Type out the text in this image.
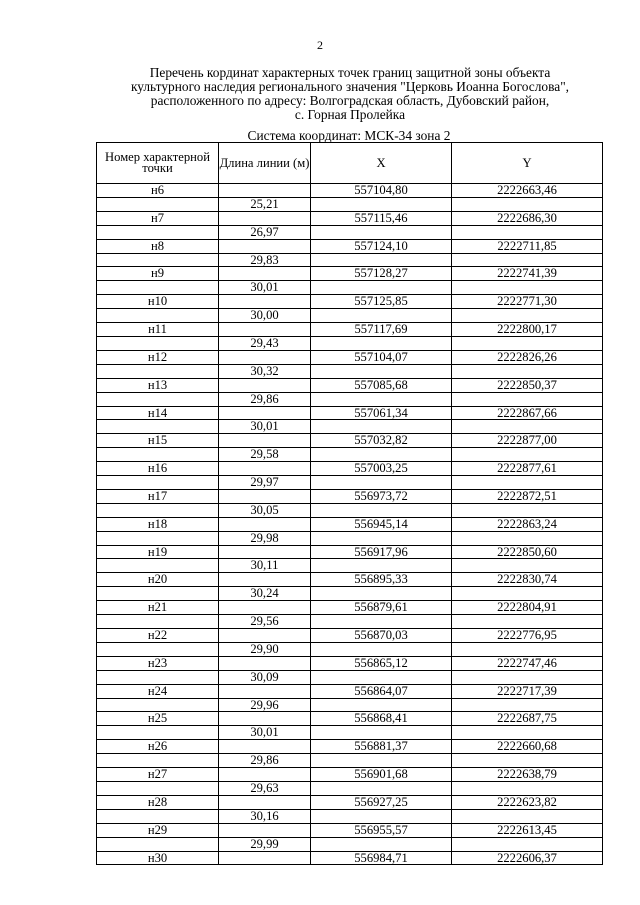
2
Перечень кординат характерных точек границ защитной зоны объекта
культурного наследия регионального значения "Церковь Иоанна Богослова",
расположенного по адресу: Волгоградская область, Дубовский район,
с. Горная Пролейка
Система координат: МСК-34 зона 2
Номер характерной точки	Длина линии (м)	X	Y
н6		557104,80	2222663,46
	25,21		
н7		557115,46	2222686,30
	26,97		
н8		557124,10	2222711,85
	29,83		
н9		557128,27	2222741,39
	30,01		
н10		557125,85	2222771,30
	30,00		
н11		557117,69	2222800,17
	29,43		
н12		557104,07	2222826,26
	30,32		
н13		557085,68	2222850,37
	29,86		
н14		557061,34	2222867,66
	30,01		
н15		557032,82	2222877,00
	29,58		
н16		557003,25	2222877,61
	29,97		
н17		556973,72	2222872,51
	30,05		
н18		556945,14	2222863,24
	29,98		
н19		556917,96	2222850,60
	30,11		
н20		556895,33	2222830,74
	30,24		
н21		556879,61	2222804,91
	29,56		
н22		556870,03	2222776,95
	29,90		
н23		556865,12	2222747,46
	30,09		
н24		556864,07	2222717,39
	29,96		
н25		556868,41	2222687,75
	30,01		
н26		556881,37	2222660,68
	29,86		
н27		556901,68	2222638,79
	29,63		
н28		556927,25	2222623,82
	30,16		
н29		556955,57	2222613,45
	29,99		
н30		556984,71	2222606,37
